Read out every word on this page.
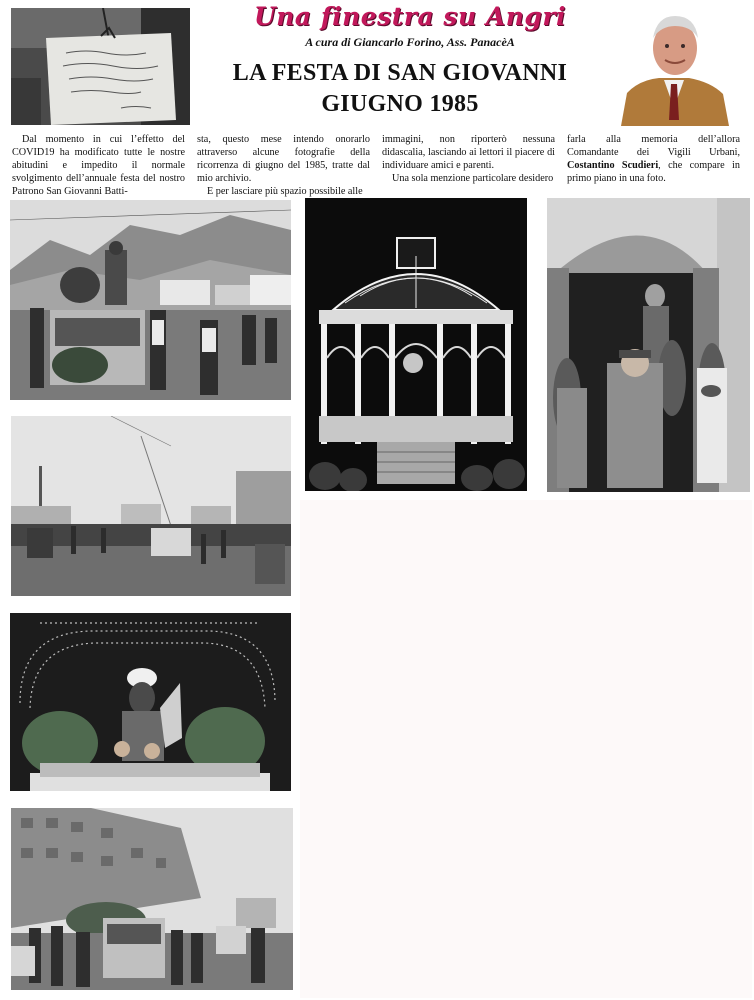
Una finestra su Angri
A cura di Giancarlo Forino, Ass. PanacèA
LA FESTA DI SAN GIOVANNI
GIUGNO 1985

Dal momento in cui l’effetto del COVID19 ha modificato tutte le nostre abitudini e impedito il normale svolgimento dell’annuale festa del nostro Patrono San Giovanni Batti-

sta, questo mese intendo onorarlo attraverso alcune fotografie della ricorrenza di giugno del 1985, tratte dal mio archivio.

E per lasciare più spazio possibile alle

immagini, non riporterò nessuna didascalia, lasciando ai lettori il piacere di individuare amici e parenti.

Una sola menzione particolare desidero

farla alla memoria dell’allora Comandante dei Vigili Urbani, Costantino Scudieri, che compare in primo piano in una foto.
